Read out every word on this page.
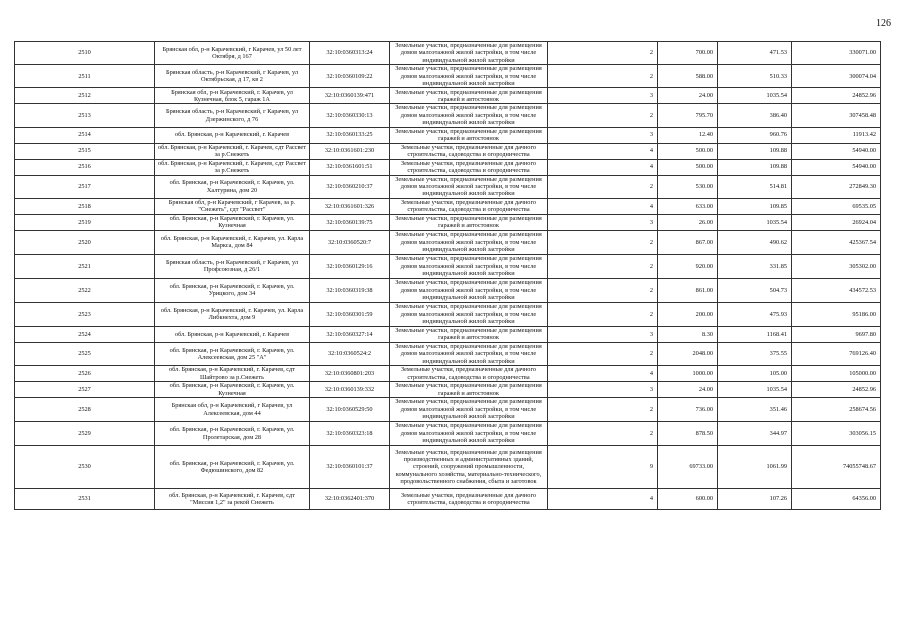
126
2510	Брянская обл, р-н Карачевский, г Карачев, ул 50 лет Октября, д 167	32:10:0360313:24	Земельные участки, предназначенные для размещения домов малоэтажной жилой застройки, в том числе индивидуальной жилой застройки	2	700.00	471.53	330071.00
2511	Брянская область, р-н Карачевский, г Карачев, ул Октябрьская, д 17, кв 2	32:10:0360109:22	Земельные участки, предназначенные для размещения домов малоэтажной жилой застройки, в том числе индивидуальной жилой застройки	2	588.00	510.33	300074.04
2512	Брянская обл, р-н Карачевский, г. Карачев, ул Кузнечная, блок 5, гараж 1А	32:10:0360139:471	Земельные участки, предназначенные для размещения гаражей и автостоянок	3	24.00	1035.54	24852.96
2513	Брянская область, р-н Карачевский, г Карачев, ул Дзержинского, д 76	32:10:0360330:13	Земельные участки, предназначенные для размещения домов малоэтажной жилой застройки, в том числе индивидуальной жилой застройки	2	795.70	386.40	307458.48
2514	обл. Брянская, р-н Карачевский, г. Карачев	32:10:0360133:25	Земельные участки, предназначенные для размещения гаражей и автостоянок	3	12.40	960.76	11913.42
2515	обл. Брянская, р-н Карачевский, г. Карачев, сдт Рассвет за р.Снежеть	32:10:0361601:230	Земельные участки, предназначенные для дачного строительства, садоводства и огородничества	4	500.00	109.88	54940.00
2516	обл. Брянская, р-н Карачевский, г. Карачев, сдт Рассвет за р.Снежеть	32:10:0361601:51	Земельные участки, предназначенные для дачного строительства, садоводства и огородничества	4	500.00	109.88	54940.00
2517	обл. Брянская, р-н Карачевский, г. Карачев, ул. Халтурина, дом 20	32:10:0360210:37	Земельные участки, предназначенные для размещения домов малоэтажной жилой застройки, в том числе индивидуальной жилой застройки	2	530.00	514.81	272849.30
2518	Брянская обл, р-н Карачевский, г Карачев, за р. "Снежеть", сдт "Рассвет"	32:10:0361601:326	Земельные участки, предназначенные для дачного строительства, садоводства и огородничества	4	633.00	109.85	69535.05
2519	обл. Брянская, р-н Карачевский, г. Карачев, ул. Кузнечная	32:10:0360139:75	Земельные участки, предназначенные для размещения гаражей и автостоянок	3	26.00	1035.54	26924.04
2520	обл. Брянская, р-н Карачевский, г. Карачев, ул. Карла Маркса, дом 84	32:10:0360520:7	Земельные участки, предназначенные для размещения домов малоэтажной жилой застройки, в том числе индивидуальной жилой застройки	2	867.00	490.62	425367.54
2521	Брянская область, р-н Карачевский, г Карачев, ул Профсоюзная, д 26/1	32:10:0360129:16	Земельные участки, предназначенные для размещения домов малоэтажной жилой застройки, в том числе индивидуальной жилой застройки	2	920.00	331.85	305302.00
2522	обл. Брянская, р-н Карачевский, г. Карачев, ул. Урицкого, дом 34	32:10:0360319:38	Земельные участки, предназначенные для размещения домов малоэтажной жилой застройки, в том числе индивидуальной жилой застройки	2	861.00	504.73	434572.53
2523	обл. Брянская, р-н Карачевский, г. Карачев, ул. Карла Либкнехта, дом 9	32:10:0360301:59	Земельные участки, предназначенные для размещения домов малоэтажной жилой застройки, в том числе индивидуальной жилой застройки	2	200.00	475.93	95186.00
2524	обл. Брянская, р-н Карачевский, г. Карачев	32:10:0360327:14	Земельные участки, предназначенные для размещения гаражей и автостоянок	3	8.30	1168.41	9697.80
2525	обл. Брянская, р-н Карачевский, г. Карачев, ул. Алексеевская, дом 25 "А"	32:10:0360524:2	Земельные участки, предназначенные для размещения домов малоэтажной жилой застройки, в том числе индивидуальной жилой застройки	2	2048.00	375.55	769126.40
2526	обл. Брянская, р-н Карачевский, г. Карачев, сдт Шайтрово за р.Снежеть	32:10:0360801:203	Земельные участки, предназначенные для дачного строительства, садоводства и огородничества	4	1000.00	105.00	105000.00
2527	обл. Брянская, р-н Карачевский, г. Карачев, ул. Кузнечная	32:10:0360139:332	Земельные участки, предназначенные для размещения гаражей и автостоянок	3	24.00	1035.54	24852.96
2528	Брянская обл, р-н Карачевский, г Карачев, ул Алексеевская, дом 44	32:10:0360529:50	Земельные участки, предназначенные для размещения домов малоэтажной жилой застройки, в том числе индивидуальной жилой застройки	2	736.00	351.46	258674.56
2529	обл. Брянская, р-н Карачевский, г. Карачев, ул. Пролетарская, дом 28	32:10:0360323:18	Земельные участки, предназначенные для размещения домов малоэтажной жилой застройки, в том числе индивидуальной жилой застройки	2	878.50	344.97	303056.15
2530	обл. Брянская, р-н Карачевский, г. Карачев, ул. Федюшинского, дом 82	32:10:0360101:37	Земельные участки, предназначенные для размещения производственных и административных зданий, строений, сооружений промышленности, коммунального хозяйства, материально-технического, продовольственного снабжения, сбыта и заготовок	9	69733.00	1061.99	74055748.67
2531	обл. Брянская, р-н Карачевский, г. Карачев, сдт "Миссия 1,2" за рекой Снежеть	32:10:0362401:370	Земельные участки, предназначенные для дачного строительства, садоводства и огородничества	4	600.00	107.26	64356.00
